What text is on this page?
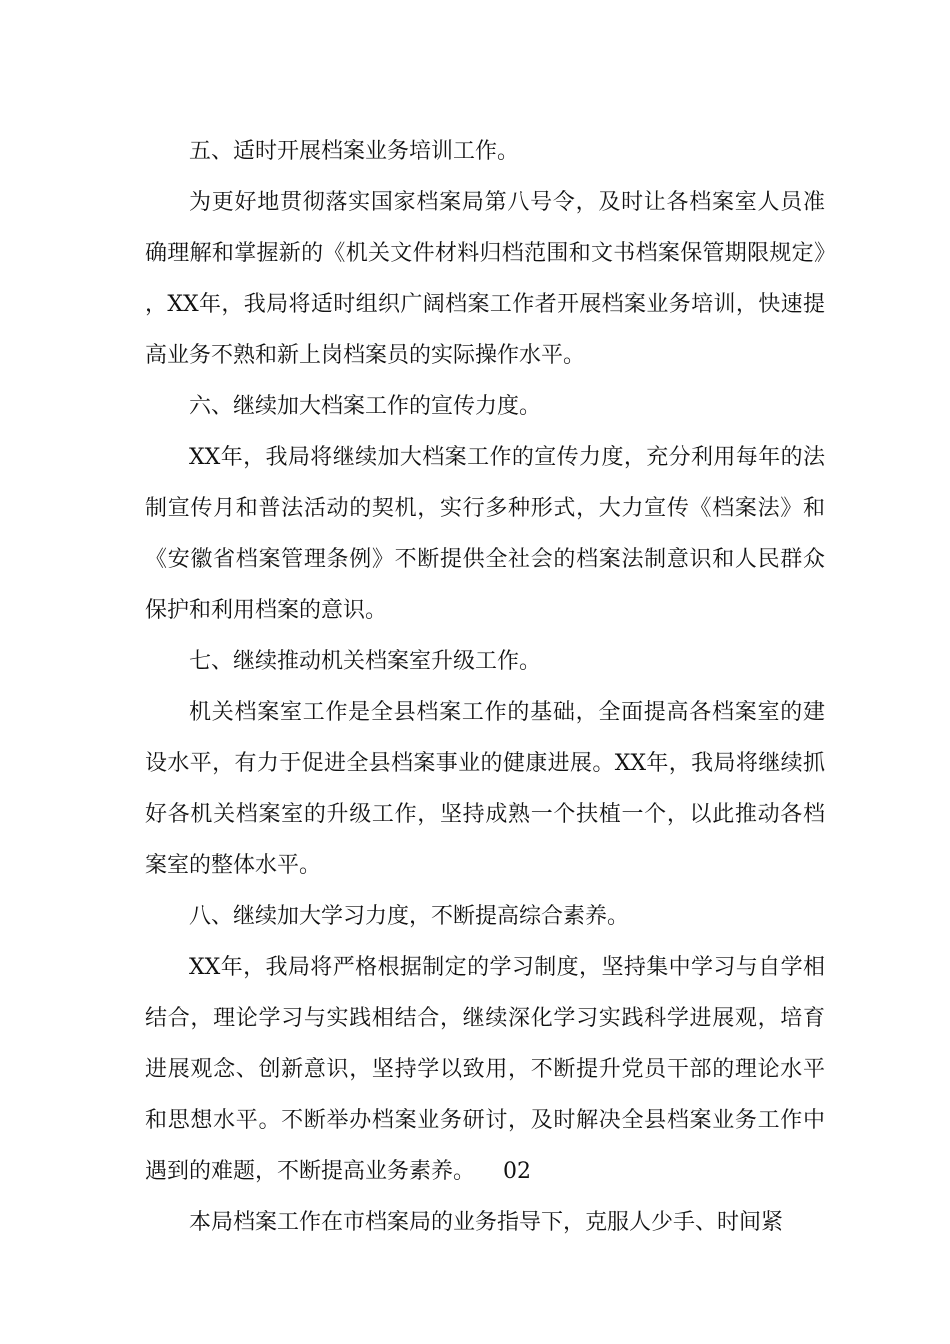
五、适时开展档案业务培训工作。

为更好地贯彻落实国家档案局第八号令，及时让各档案室人员准确理解和掌握新的《机关文件材料归档范围和文书档案保管期限规定》，XX年，我局将适时组织广阔档案工作者开展档案业务培训，快速提高业务不熟和新上岗档案员的实际操作水平。

六、继续加大档案工作的宣传力度。

XX年，我局将继续加大档案工作的宣传力度，充分利用每年的法制宣传月和普法活动的契机，实行多种形式，大力宣传《档案法》和《安徽省档案管理条例》不断提供全社会的档案法制意识和人民群众保护和利用档案的意识。

七、继续推动机关档案室升级工作。

机关档案室工作是全县档案工作的基础，全面提高各档案室的建设水平，有力于促进全县档案事业的健康进展。XX年，我局将继续抓好各机关档案室的升级工作，坚持成熟一个扶植一个，以此推动各档案室的整体水平。

八、继续加大学习力度，不断提高综合素养。

XX年，我局将严格根据制定的学习制度，坚持集中学习与自学相结合，理论学习与实践相结合，继续深化学习实践科学进展观，培育进展观念、创新意识，坚持学以致用，不断提升党员干部的理论水平和思想水平。不断举办档案业务研讨，及时解决全县档案业务工作中遇到的难题，不断提高业务素养。 02

本局档案工作在市档案局的业务指导下，克服人少手、时间紧
